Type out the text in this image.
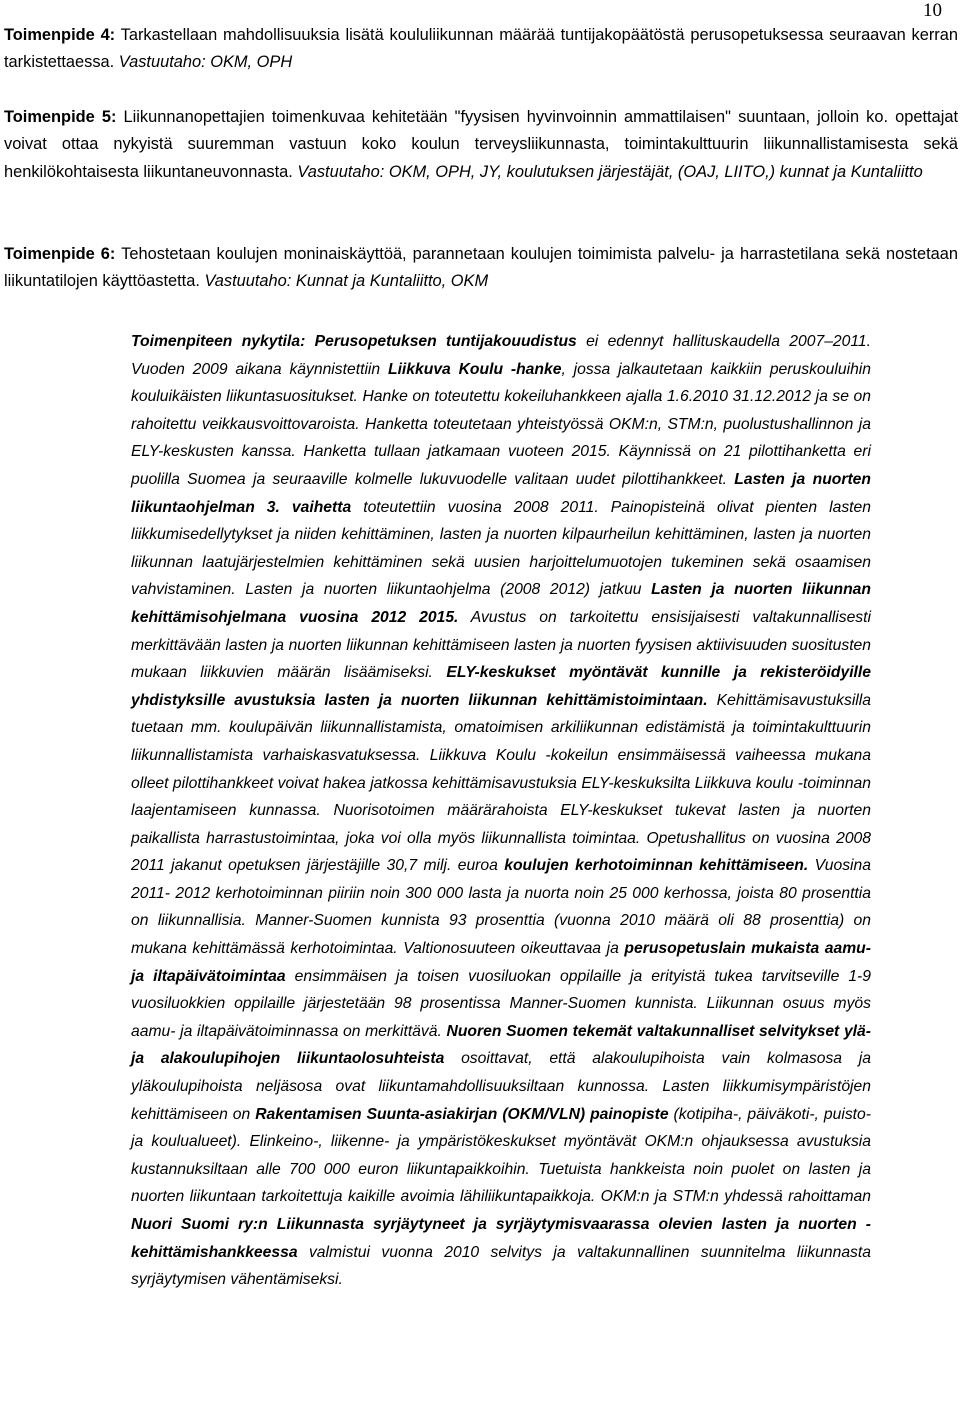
10

Toimenpide 4: Tarkastellaan mahdollisuuksia lisätä koululiikunnan määrää tuntijakopäätöstä perusopetuksessa seuraavan kerran tarkistettaessa. Vastuutaho: OKM, OPH

Toimenpide 5: Liikunnanopettajien toimenkuvaa kehitetään "fyysisen hyvinvoinnin ammattilaisen" suuntaan, jolloin ko. opettajat voivat ottaa nykyistä suuremman vastuun koko koulun terveysliikunnasta, toimintakulttuurin liikunnallistamisesta sekä henkilökohtaisesta liikuntaneuvonnasta. Vastuutaho: OKM, OPH, JY, koulutuksen järjestäjät, (OAJ, LIITO,) kunnat ja Kuntaliitto

Toimenpide 6: Tehostetaan koulujen moninaiskäyttöä, parannetaan koulujen toimimista palvelu- ja harrastetilana sekä nostetaan liikuntatilojen käyttöastetta. Vastuutaho: Kunnat ja Kuntaliitto, OKM

Toimenpiteen nykytila: Perusopetuksen tuntijakouudistus ei edennyt hallituskaudella 2007–2011. Vuoden 2009 aikana käynnistettiin Liikkuva Koulu -hanke, jossa jalkautetaan kaikkiin peruskouluihin kouluikäisten liikuntasuositukset. Hanke on toteutettu kokeiluhankkeen ajalla 1.6.2010 31.12.2012 ja se on rahoitettu veikkausvoittovaroista. Hanketta toteutetaan yhteistyössä OKM:n, STM:n, puolustushallinnon ja ELY-keskusten kanssa. Hanketta tullaan jatkamaan vuoteen 2015. Käynnissä on 21 pilottihanketta eri puolilla Suomea ja seuraaville kolmelle lukuvuodelle valitaan uudet pilottihankkeet. Lasten ja nuorten liikuntaohjelman 3. vaihetta toteutettiin vuosina 2008 2011. Painopisteinä olivat pienten lasten liikkumisedellytykset ja niiden kehittäminen, lasten ja nuorten kilpaurheilun kehittäminen, lasten ja nuorten liikunnan laatujärjestelmien kehittäminen sekä uusien harjoittelumuotojen tukeminen sekä osaamisen vahvistaminen. Lasten ja nuorten liikuntaohjelma (2008 2012) jatkuu Lasten ja nuorten liikunnan kehittämisohjelmana vuosina 2012 2015. Avustus on tarkoitettu ensisijaisesti valtakunnallisesti merkittävään lasten ja nuorten liikunnan kehittämiseen lasten ja nuorten fyysisen aktiivisuuden suositusten mukaan liikkuvien määrän lisäämiseksi. ELY-keskukset myöntävät kunnille ja rekisteröidyille yhdistyksille avustuksia lasten ja nuorten liikunnan kehittämistoimintaan. Kehittämisavustuksilla tuetaan mm. koulupäivän liikunnallistamista, omatoimisen arkiliikunnan edistämistä ja toimintakulttuurin liikunnallistamista varhaiskasvatuksessa. Liikkuva Koulu -kokeilun ensimmäisessä vaiheessa mukana olleet pilottihankkeet voivat hakea jatkossa kehittämisavustuksia ELY-keskuksilta Liikkuva koulu -toiminnan laajentamiseen kunnassa. Nuorisotoimen määrärahoista ELY-keskukset tukevat lasten ja nuorten paikallista harrastustoimintaa, joka voi olla myös liikunnallista toimintaa. Opetushallitus on vuosina 2008 2011 jakanut opetuksen järjestäjille 30,7 milj. euroa koulujen kerhotoiminnan kehittämiseen. Vuosina 2011- 2012 kerhotoiminnan piiriin noin 300 000 lasta ja nuorta noin 25 000 kerhossa, joista 80 prosenttia on liikunnallisia. Manner-Suomen kunnista 93 prosenttia (vuonna 2010 määrä oli 88 prosenttia) on mukana kehittämässä kerhotoimintaa. Valtionosuuteen oikeuttavaa ja perusopetuslain mukaista aamu- ja iltapäivätoimintaa ensimmäisen ja toisen vuosiluokan oppilaille ja erityistä tukea tarvitseville 1-9 vuosiluokkien oppilaille järjestetään 98 prosentissa Manner-Suomen kunnista. Liikunnan osuus myös aamu- ja iltapäivätoiminnassa on merkittävä. Nuoren Suomen tekemät valtakunnalliset selvitykset ylä- ja alakoulupihojen liikuntaolosuhteista osoittavat, että alakoulupihoista vain kolmasosa ja yläkoulupihoista neljäsosa ovat liikuntamahdollisuuksiltaan kunnossa. Lasten liikkumisympäristöjen kehittämiseen on Rakentamisen Suunta-asiakirjan (OKM/VLN) painopiste (kotipiha-, päiväkoti-, puisto- ja koulualueet). Elinkeino-, liikenne- ja ympäristökeskukset myöntävät OKM:n ohjauksessa avustuksia kustannuksiltaan alle 700 000 euron liikuntapaikkoihin. Tuetuista hankkeista noin puolet on lasten ja nuorten liikuntaan tarkoitettuja kaikille avoimia lähiliikuntapaikkoja. OKM:n ja STM:n yhdessä rahoittaman Nuori Suomi ry:n Liikunnasta syrjäytyneet ja syrjäytymisvaarassa olevien lasten ja nuorten -kehittämishankkeessa valmistui vuonna 2010 selvitys ja valtakunnallinen suunnitelma liikunnasta syrjäytymisen vähentämiseksi.
